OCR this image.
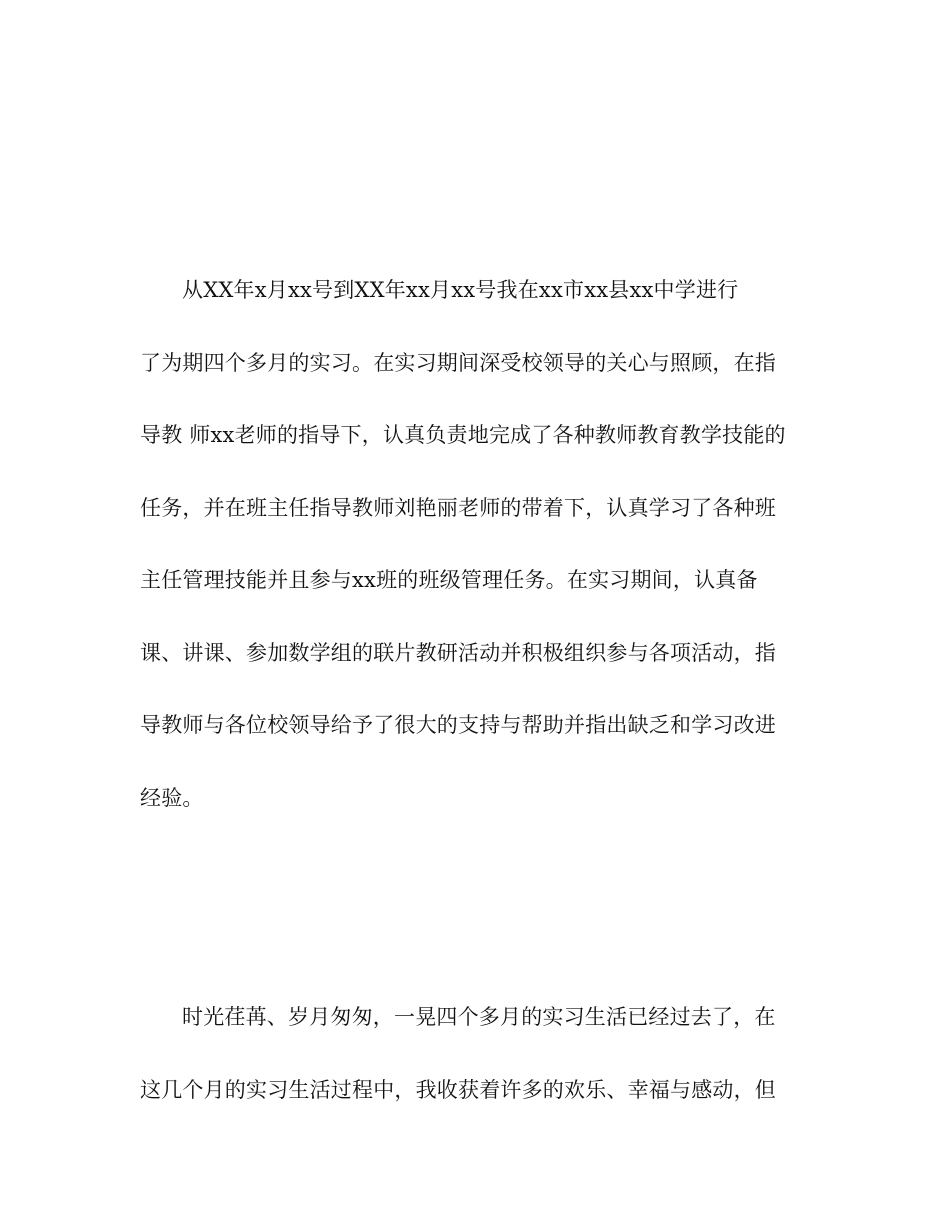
从XX年x月xx号到XX年xx月xx号我在xx市xx县xx中学进行
了为期四个多月的实习。在实习期间深受校领导的关心与照顾，在指
导教 师xx老师的指导下，认真负责地完成了各种教师教育教学技能的
任务，并在班主任指导教师刘艳丽老师的带着下，认真学习了各种班
主任管理技能并且参与xx班的班级管理任务。在实习期间，认真备
课、讲课、参加数学组的联片教研活动并积极组织参与各项活动，指
导教师与各位校领导给予了很大的支持与帮助并指出缺乏和学习改进
经验。
时光荏苒、岁月匆匆，一晃四个多月的实习生活已经过去了，在
这几个月的实习生活过程中，我收获着许多的欢乐、幸福与感动，但
